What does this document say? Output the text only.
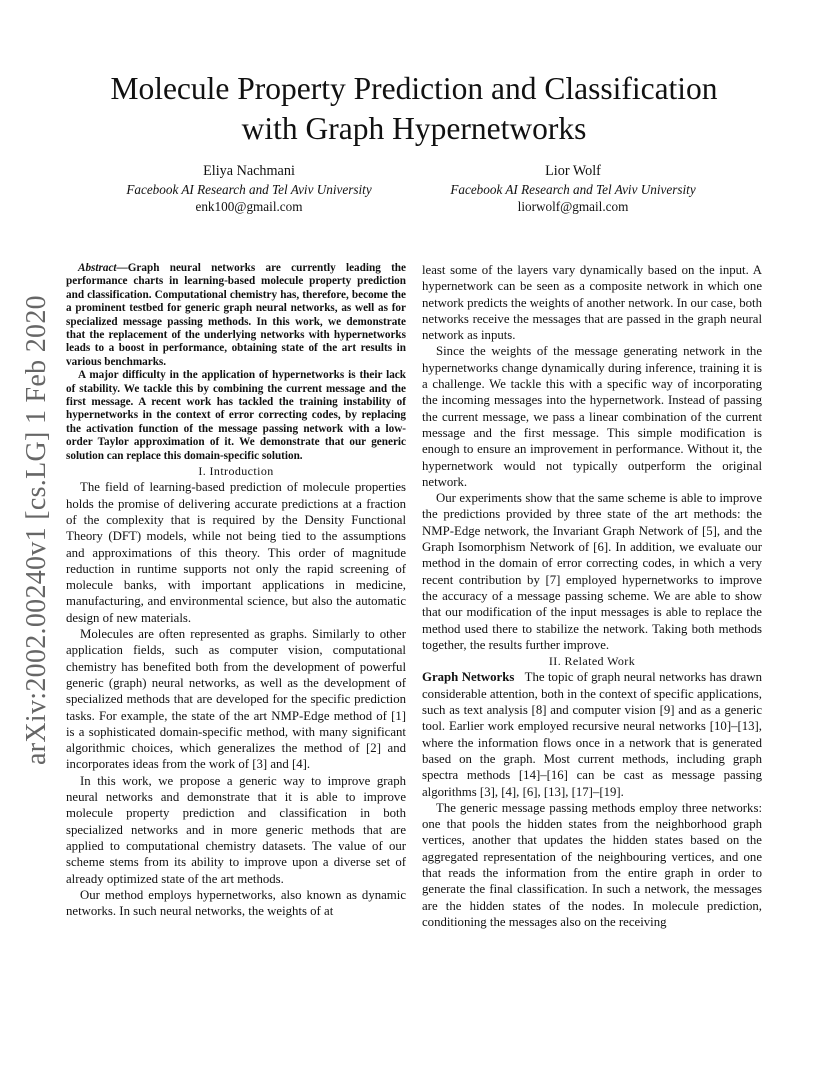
arXiv:2002.00240v1 [cs.LG] 1 Feb 2020
Molecule Property Prediction and Classification
with Graph Hypernetworks
Eliya Nachmani
Facebook AI Research and Tel Aviv University
enk100@gmail.com
Lior Wolf
Facebook AI Research and Tel Aviv University
liorwolf@gmail.com

Abstract—Graph neural networks are currently leading the performance charts in learning-based molecule property prediction and classification. Computational chemistry has, therefore, become the a prominent testbed for generic graph neural networks, as well as for specialized message passing methods. In this work, we demonstrate that the replacement of the underlying networks with hypernetworks leads to a boost in performance, obtaining state of the art results in various benchmarks.

A major difficulty in the application of hypernetworks is their lack of stability. We tackle this by combining the current message and the first message. A recent work has tackled the training instability of hypernetworks in the context of error correcting codes, by replacing the activation function of the message passing network with a low-order Taylor approximation of it. We demonstrate that our generic solution can replace this domain-specific solution.

I. Introduction

The field of learning-based prediction of molecule properties holds the promise of delivering accurate predictions at a fraction of the complexity that is required by the Density Functional Theory (DFT) models, while not being tied to the assumptions and approximations of this theory. This order of magnitude reduction in runtime supports not only the rapid screening of molecule banks, with important applications in medicine, manufacturing, and environmental science, but also the automatic design of new materials.

Molecules are often represented as graphs. Similarly to other application fields, such as computer vision, computational chemistry has benefited both from the development of powerful generic (graph) neural networks, as well as the development of specialized methods that are developed for the specific prediction tasks. For example, the state of the art NMP-Edge method of [1] is a sophisticated domain-specific method, with many significant algorithmic choices, which generalizes the method of [2] and incorporates ideas from the work of [3] and [4].

In this work, we propose a generic way to improve graph neural networks and demonstrate that it is able to improve molecule property prediction and classification in both specialized networks and in more generic methods that are applied to computational chemistry datasets. The value of our scheme stems from its ability to improve upon a diverse set of already optimized state of the art methods.

Our method employs hypernetworks, also known as dynamic networks. In such neural networks, the weights of at

least some of the layers vary dynamically based on the input. A hypernetwork can be seen as a composite network in which one network predicts the weights of another network. In our case, both networks receive the messages that are passed in the graph neural network as inputs.

Since the weights of the message generating network in the hypernetworks change dynamically during inference, training it is a challenge. We tackle this with a specific way of incorporating the incoming messages into the hypernetwork. Instead of passing the current message, we pass a linear combination of the current message and the first message. This simple modification is enough to ensure an improvement in performance. Without it, the hypernetwork would not typically outperform the original network.

Our experiments show that the same scheme is able to improve the predictions provided by three state of the art methods: the NMP-Edge network, the Invariant Graph Network of [5], and the Graph Isomorphism Network of [6]. In addition, we evaluate our method in the domain of error correcting codes, in which a very recent contribution by [7] employed hypernetworks to improve the accuracy of a message passing scheme. We are able to show that our modification of the input messages is able to replace the method used there to stabilize the network. Taking both methods together, the results further improve.

II. Related Work

Graph Networks The topic of graph neural networks has drawn considerable attention, both in the context of specific applications, such as text analysis [8] and computer vision [9] and as a generic tool. Earlier work employed recursive neural networks [10]–[13], where the information flows once in a network that is generated based on the graph. Most current methods, including graph spectra methods [14]–[16] can be cast as message passing algorithms [3], [4], [6], [13], [17]–[19].

The generic message passing methods employ three networks: one that pools the hidden states from the neighborhood graph vertices, another that updates the hidden states based on the aggregated representation of the neighbouring vertices, and one that reads the information from the entire graph in order to generate the final classification. In such a network, the messages are the hidden states of the nodes. In molecule prediction, conditioning the messages also on the receiving
